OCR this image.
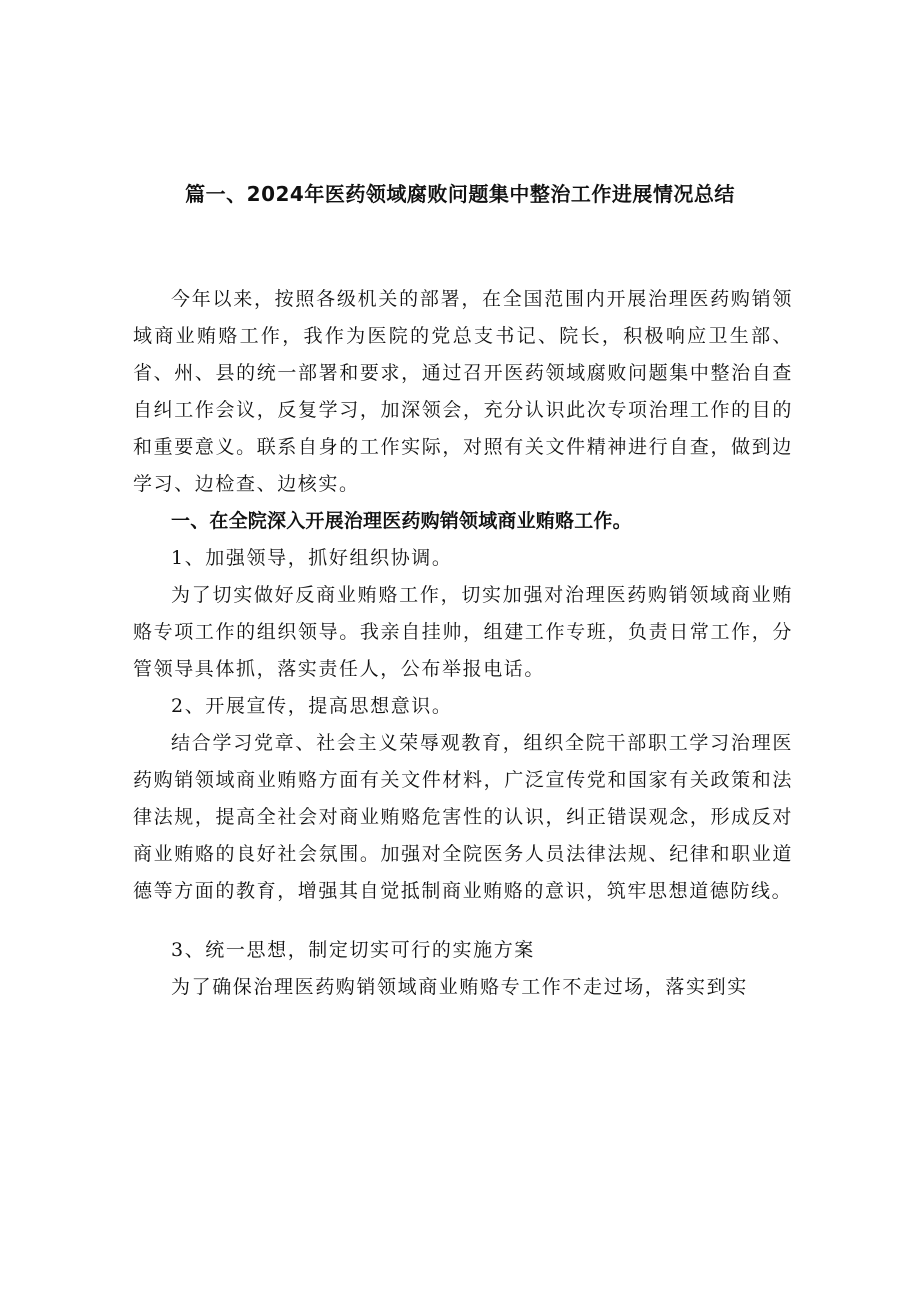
篇一、2024年医药领域腐败问题集中整治工作进展情况总结

今年以来，按照各级机关的部署，在全国范围内开展治理医药购销领域商业贿赂工作，我作为医院的党总支书记、院长，积极响应卫生部、省、州、县的统一部署和要求，通过召开医药领域腐败问题集中整治自查自纠工作会议，反复学习，加深领会，充分认识此次专项治理工作的目的和重要意义。联系自身的工作实际，对照有关文件精神进行自查，做到边学习、边检查、边核实。

一、在全院深入开展治理医药购销领域商业贿赂工作。

1、加强领导，抓好组织协调。

为了切实做好反商业贿赂工作，切实加强对治理医药购销领域商业贿赂专项工作的组织领导。我亲自挂帅，组建工作专班，负责日常工作，分管领导具体抓，落实责任人，公布举报电话。

2、开展宣传，提高思想意识。

结合学习党章、社会主义荣辱观教育，组织全院干部职工学习治理医药购销领域商业贿赂方面有关文件材料，广泛宣传党和国家有关政策和法律法规，提高全社会对商业贿赂危害性的认识，纠正错误观念，形成反对商业贿赂的良好社会氛围。加强对全院医务人员法律法规、纪律和职业道德等方面的教育，增强其自觉抵制商业贿赂的意识，筑牢思想道德防线。

3、统一思想，制定切实可行的实施方案

为了确保治理医药购销领域商业贿赂专工作不走过场，落实到实
